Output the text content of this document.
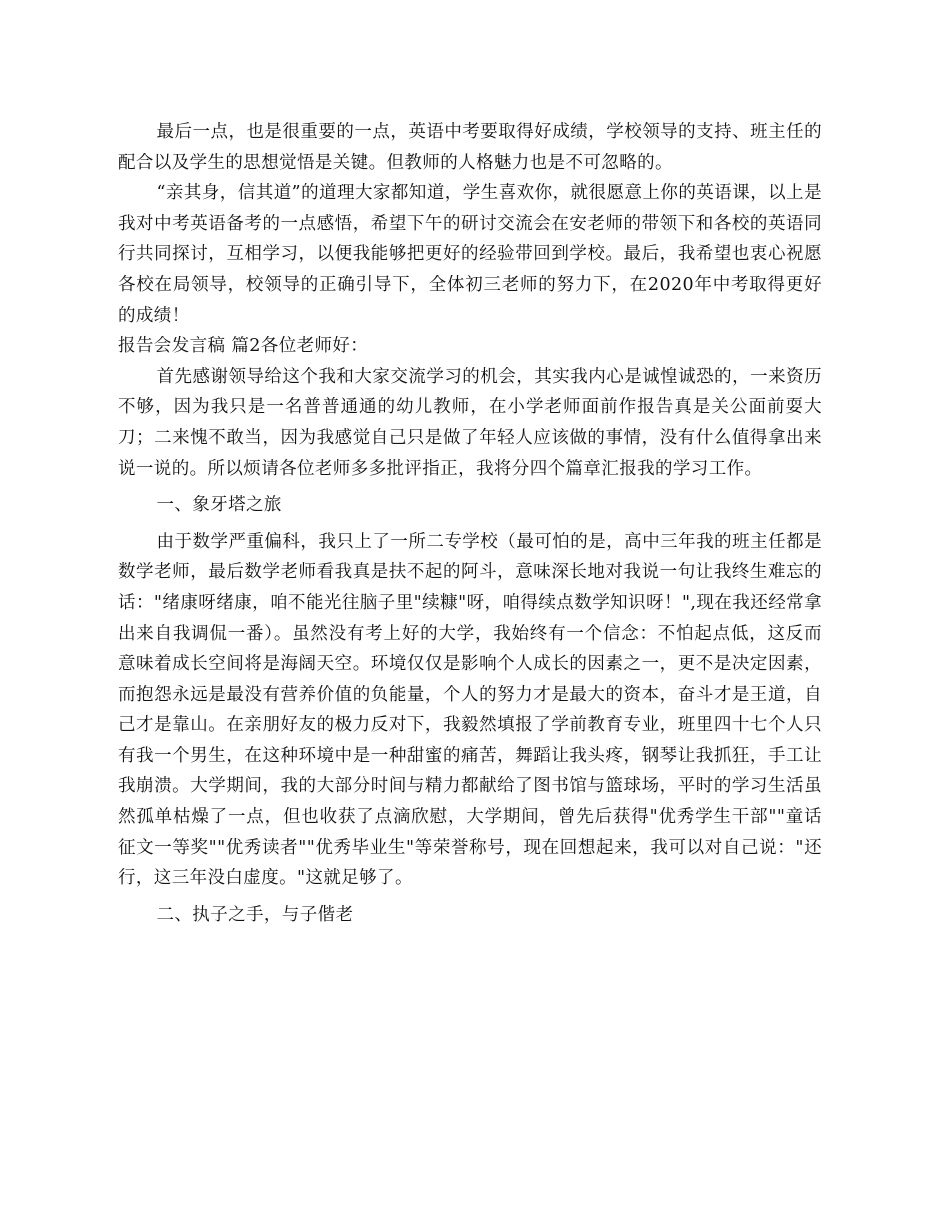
最后一点，也是很重要的一点，英语中考要取得好成绩，学校领导的支持、班主任的配合以及学生的思想觉悟是关键。但教师的人格魅力也是不可忽略的。

“亲其身，信其道”的道理大家都知道，学生喜欢你，就很愿意上你的英语课，以上是我对中考英语备考的一点感悟，希望下午的研讨交流会在安老师的带领下和各校的英语同行共同探讨，互相学习，以便我能够把更好的经验带回到学校。最后，我希望也衷心祝愿各校在局领导，校领导的正确引导下，全体初三老师的努力下，在2020年中考取得更好的成绩！

报告会发言稿 篇2各位老师好：

首先感谢领导给这个我和大家交流学习的机会，其实我内心是诚惶诚恐的，一来资历不够，因为我只是一名普普通通的幼儿教师，在小学老师面前作报告真是关公面前耍大刀；二来愧不敢当，因为我感觉自己只是做了年轻人应该做的事情，没有什么值得拿出来说一说的。所以烦请各位老师多多批评指正，我将分四个篇章汇报我的学习工作。

一、象牙塔之旅

由于数学严重偏科，我只上了一所二专学校（最可怕的是，高中三年我的班主任都是数学老师，最后数学老师看我真是扶不起的阿斗，意味深长地对我说一句让我终生难忘的话："绪康呀绪康，咱不能光往脑子里"续糠"呀，咱得续点数学知识呀！",现在我还经常拿出来自我调侃一番）。虽然没有考上好的大学，我始终有一个信念：不怕起点低，这反而意味着成长空间将是海阔天空。环境仅仅是影响个人成长的因素之一，更不是决定因素，而抱怨永远是最没有营养价值的负能量，个人的努力才是最大的资本，奋斗才是王道，自己才是靠山。在亲朋好友的极力反对下，我毅然填报了学前教育专业，班里四十七个人只有我一个男生，在这种环境中是一种甜蜜的痛苦，舞蹈让我头疼，钢琴让我抓狂，手工让我崩溃。大学期间，我的大部分时间与精力都献给了图书馆与篮球场，平时的学习生活虽然孤单枯燥了一点，但也收获了点滴欣慰，大学期间，曾先后获得"优秀学生干部""童话征文一等奖""优秀读者""优秀毕业生"等荣誉称号，现在回想起来，我可以对自己说："还行，这三年没白虚度。"这就足够了。

二、执子之手，与子偕老
